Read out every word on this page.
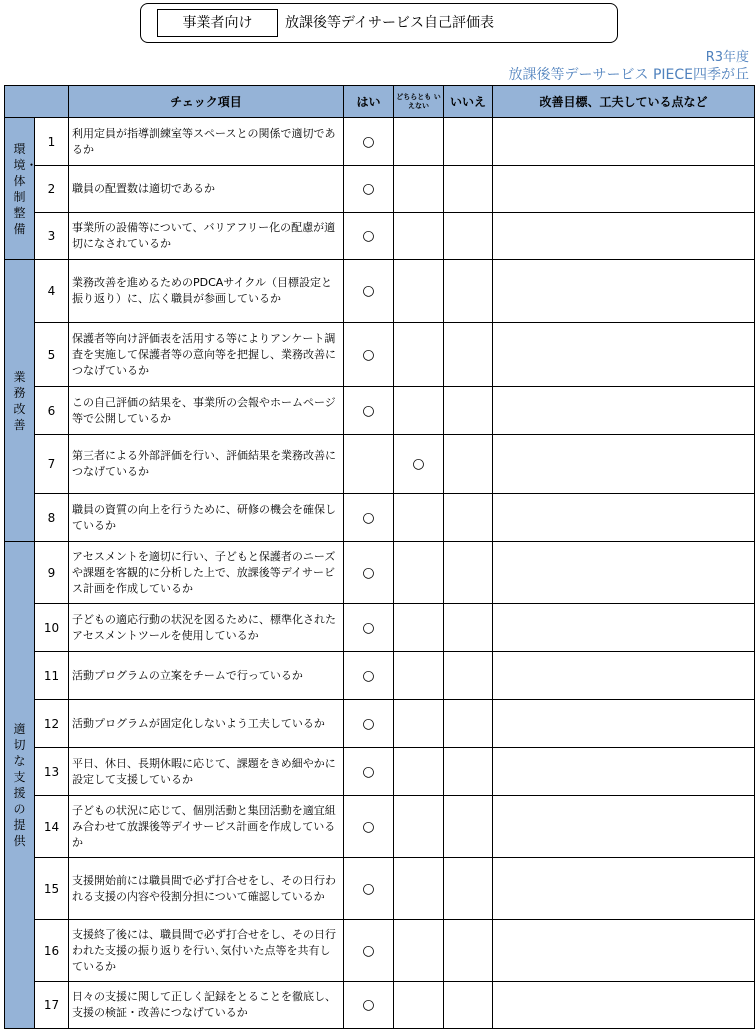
事業者向け	放課後等デイサービス自己評価表
R3年度
放課後等デーサービス PIECE四季が丘
		チェック項目	はい	どちらとも いえない	いいえ	改善目標、工夫している点など
環境・体制整備	1	利用定員が指導訓練室等スペースとの関係で適切であるか	○			
	2	職員の配置数は適切であるか	○			
	3	事業所の設備等について、バリアフリー化の配慮が適切になされているか	○			
業務改善	4	業務改善を進めるためのPDCAサイクル（目標設定と振り返り）に、広く職員が参画しているか	○			
	5	保護者等向け評価表を活用する等によりアンケート調査を実施して保護者等の意向等を把握し、業務改善につなげているか	○			
	6	この自己評価の結果を、事業所の会報やホームページ等で公開しているか	○			
	7	第三者による外部評価を行い、評価結果を業務改善につなげているか		○		
	8	職員の資質の向上を行うために、研修の機会を確保しているか	○			
適切な支援の提供	9	アセスメントを適切に行い、子どもと保護者のニーズや課題を客観的に分析した上で、放課後等デイサービス計画を作成しているか	○			
	10	子どもの適応行動の状況を図るために、標準化されたアセスメントツールを使用しているか	○			
	11	活動プログラムの立案をチームで行っているか	○			
	12	活動プログラムが固定化しないよう工夫しているか	○			
	13	平日、休日、長期休暇に応じて、課題をきめ細やかに設定して支援しているか	○			
	14	子どもの状況に応じて、個別活動と集団活動を適宜組み合わせて放課後等デイサービス計画を作成しているか	○			
	15	支援開始前には職員間で必ず打合せをし、その日行われる支援の内容や役割分担について確認しているか	○			
	16	支援終了後には、職員間で必ず打合せをし、その日行われた支援の振り返りを行い､気付いた点等を共有しているか	○			
	17	日々の支援に関して正しく記録をとることを徹底し、支援の検証・改善につなげているか	○			
